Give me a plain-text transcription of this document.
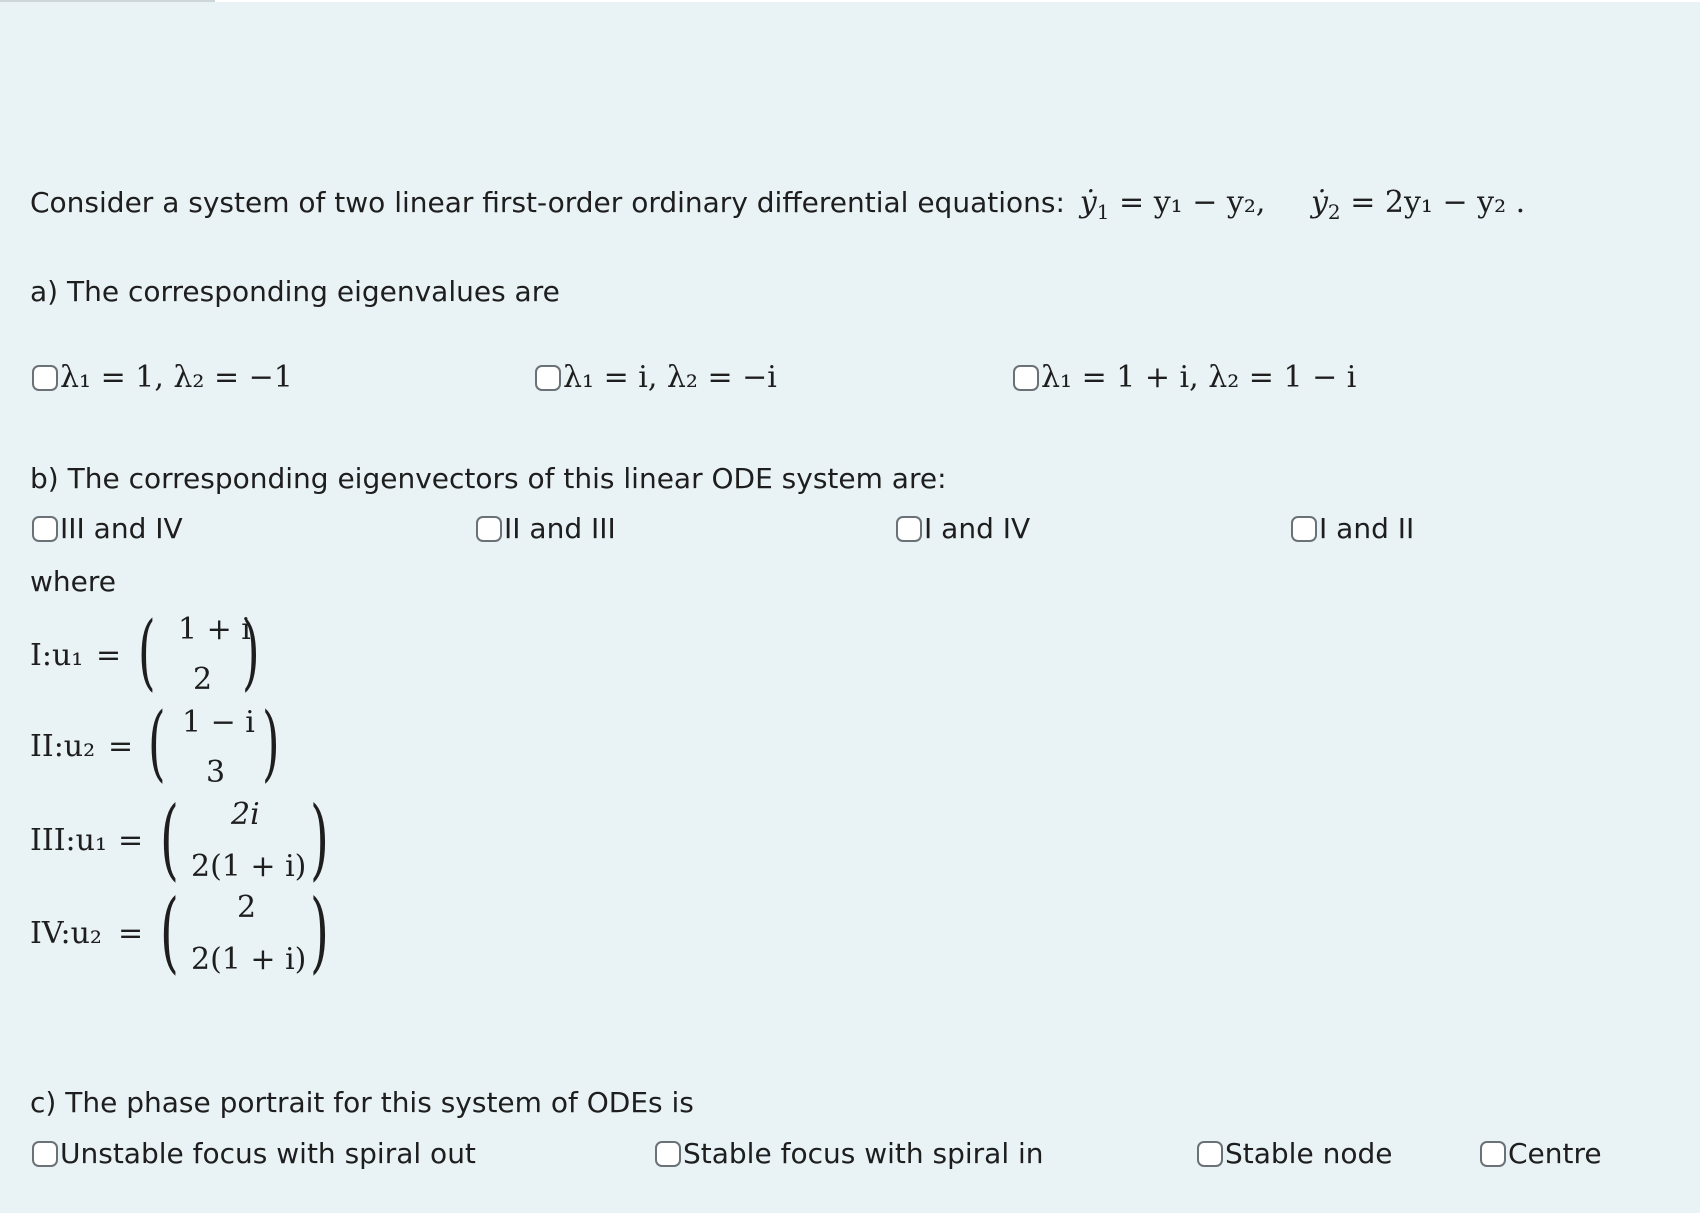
Consider a system of two linear first-order ordinary differential equations: ẏ$_1$ = y₁ − y₂, ẏ$_2$ = 2y₁ − y₂ .
a) The corresponding eigenvalues are
λ₁ = 1, λ₂ = −1	λ₁ = i, λ₂ = −i	λ₁ = 1 + i, λ₂ = 1 − i
b) The corresponding eigenvectors of this linear ODE system are:
III and IV	II and III	I and IV	I and II
where
I:u₁ = ( 1 + i
2 )
II:u₂ = ( 1 − i
3 )
III:u₁ = ( 2i
2(1 + i) )
IV:u₂ = ( 2
2(1 + i) )
c) The phase portrait for this system of ODEs is
Unstable focus with spiral out	Stable focus with spiral in	Stable node	Centre
